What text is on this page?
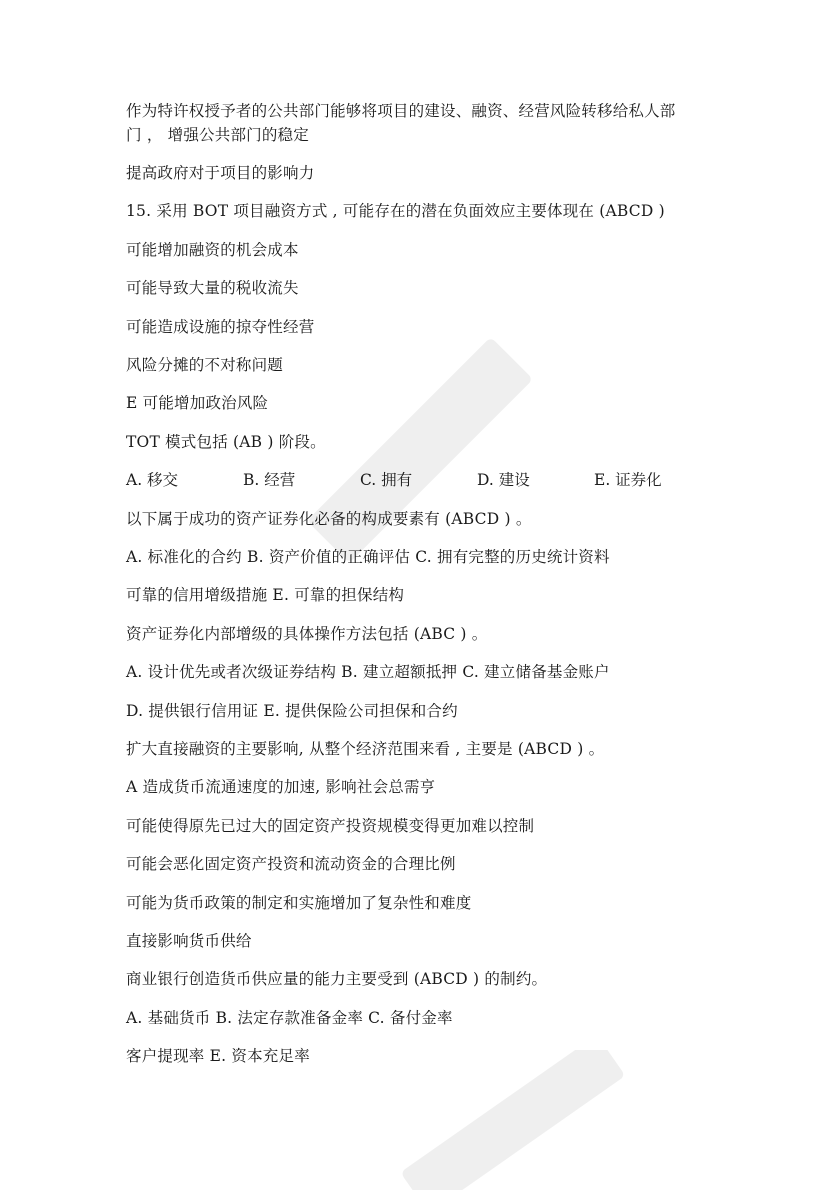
作为特许权授予者的公共部门能够将项目的建设、融资、经营风险转移给私人部
门 ， 增强公共部门的稳定
提高政府对于项目的影响力
15. 采用 BOT 项目融资方式 , 可能存在的潜在负面效应主要体现在 (ABCD )
可能增加融资的机会成本
可能导致大量的税收流失
可能造成设施的掠夺性经营
风险分摊的不对称问题
E 可能增加政治风险
TOT 模式包括 (AB ) 阶段。
A. 移交	B. 经营	C. 拥有	D. 建设	E. 证券化
以下属于成功的资产证券化必备的构成要素有 (ABCD ) 。
A. 标准化的合约 B. 资产价值的正确评估 C. 拥有完整的历史统计资料
可靠的信用增级措施 E. 可靠的担保结构
资产证券化内部增级的具体操作方法包括 (ABC ) 。
A. 设计优先或者次级证券结构 B. 建立超额抵押 C. 建立储备基金账户
D. 提供银行信用证 E. 提供保险公司担保和合约
扩大直接融资的主要影响, 从整个经济范围来看 , 主要是 (ABCD ) 。
A 造成货币流通速度的加速, 影响社会总需亨
可能使得原先已过大的固定资产投资规模变得更加难以控制
可能会恶化固定资产投资和流动资金的合理比例
可能为货币政策的制定和实施增加了复杂性和难度
直接影响货币供给
商业银行创造货币供应量的能力主要受到 (ABCD ) 的制约。
A. 基础货币 B. 法定存款准备金率 C. 备付金率
客户提现率 E. 资本充足率
